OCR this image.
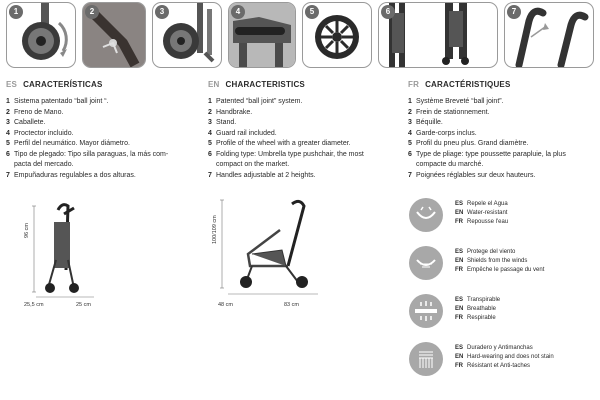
1	2	3	4	5	6	7
ES CARACTERÍSTICAS
1 Sistema patentado “ball joint “.
2 Freno de Mano.
3 Caballete.
4 Proctector incluido.
5 Perfil del neumático. Mayor diámetro.
6 Tipo de plegado: Tipo silla paraguas, la más com-
pacta del mercado.
7 Empuñaduras regulables a dos alturas.
EN CHARACTERISTICS
1 Patented “ball joint” system.
2 Handbrake.
3 Stand.
4 Guard rail included.
5 Profile of the wheel with a greater diameter.
6 Folding type: Umbrella type pushchair, the most
compact on the market.
7 Handles adjustable at 2 heights.
FR CARACTÉRISTIQUES
1 Système Breveté “ball joint”.
2 Frein de stationnement.
3 Béquille.
4 Garde-corps inclus.
5 Profil du pneu plus. Grand diamètre.
6 Type de pliage: type poussette parapluie, la plus
compacte du marché.
7 Poignées réglables sur deux hauteurs.
96 cm
25,5 cm	25 cm
100/109 cm
48 cm	83 cm
ES Repele el Agua
EN Water-resistant
FR Repousse l'eau
ES Protege del viento
EN Shields from the winds
FR Empêche le passage du vent
ES Transpirable
EN Breathable
FR Respirable
ES Duradero y Antimanchas
EN Hard-wearing and does not stain
FR Résistant et Anti-taches
